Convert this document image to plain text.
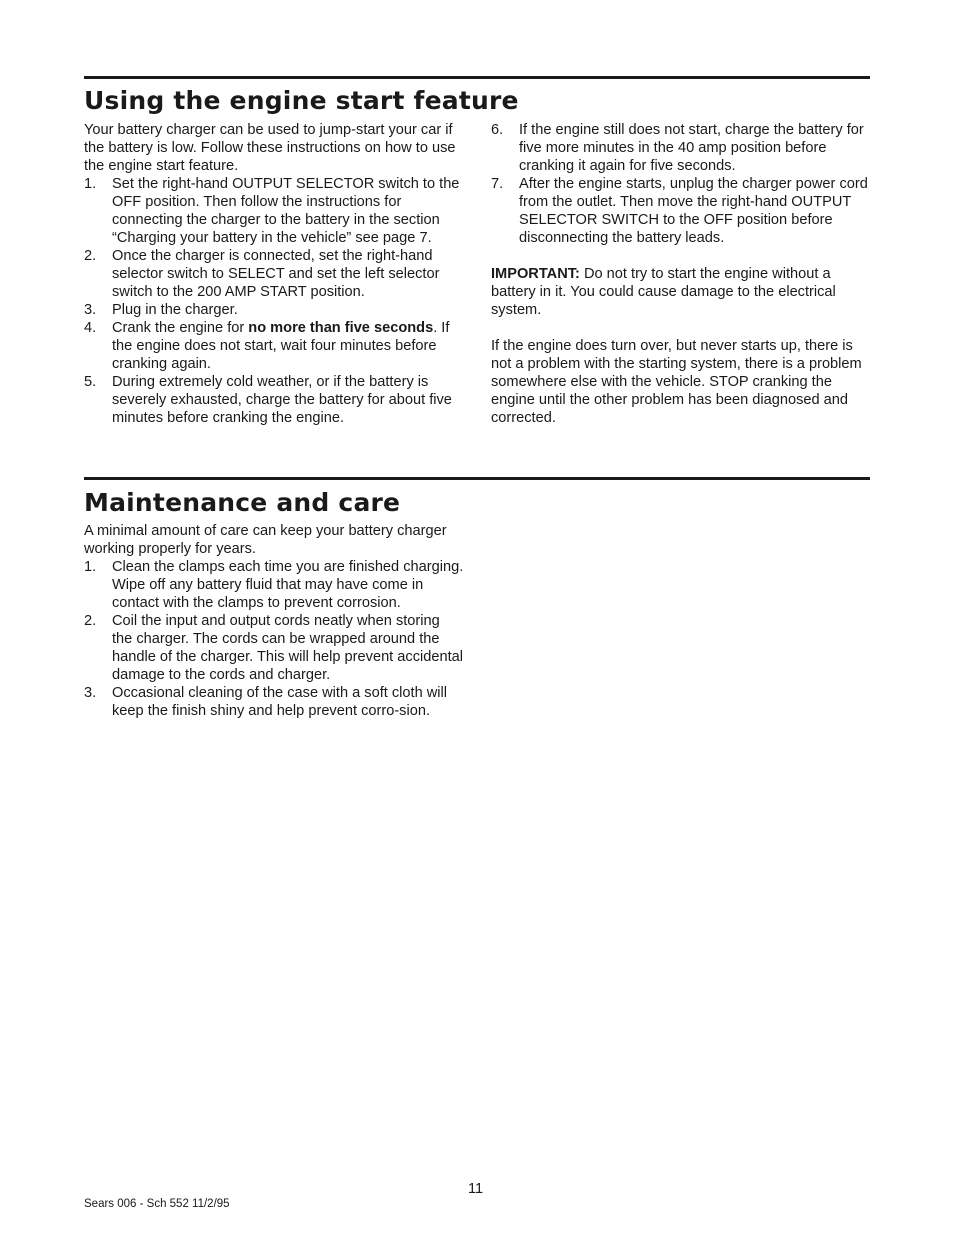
Using the engine start feature

Your battery charger can be used to jump-start your car if the battery is low. Follow these instructions on how to use the engine start feature.

1. Set the right-hand OUTPUT SELECTOR switch to the OFF position. Then follow the instructions for connecting the charger to the battery in the section “Charging your battery in the vehicle” see page 7.
2. Once the charger is connected, set the right-hand selector switch to SELECT and set the left selector switch to the 200 AMP START position.
3. Plug in the charger.
4. Crank the engine for no more than five seconds. If the engine does not start, wait four minutes before cranking again.
5. During extremely cold weather, or if the battery is severely exhausted, charge the battery for about five minutes before cranking the engine.
6. If the engine still does not start, charge the battery for five more minutes in the 40 amp position before cranking it again for five seconds.
7. After the engine starts, unplug the charger power cord from the outlet. Then move the right-hand OUTPUT SELECTOR SWITCH to the OFF position before disconnecting the battery leads.

IMPORTANT: Do not try to start the engine without a battery in it. You could cause damage to the electrical system.

If the engine does turn over, but never starts up, there is not a problem with the starting system, there is a problem somewhere else with the vehicle. STOP cranking the engine until the other problem has been diagnosed and corrected.

Maintenance and care

A minimal amount of care can keep your battery charger working properly for years.

1. Clean the clamps each time you are finished charging. Wipe off any battery fluid that may have come in contact with the clamps to prevent corrosion.
2. Coil the input and output cords neatly when storing the charger. The cords can be wrapped around the handle of the charger. This will help prevent accidental damage to the cords and charger.
3. Occasional cleaning of the case with a soft cloth will keep the finish shiny and help prevent corro-sion.
11
Sears 006 - Sch 552 11/2/95
